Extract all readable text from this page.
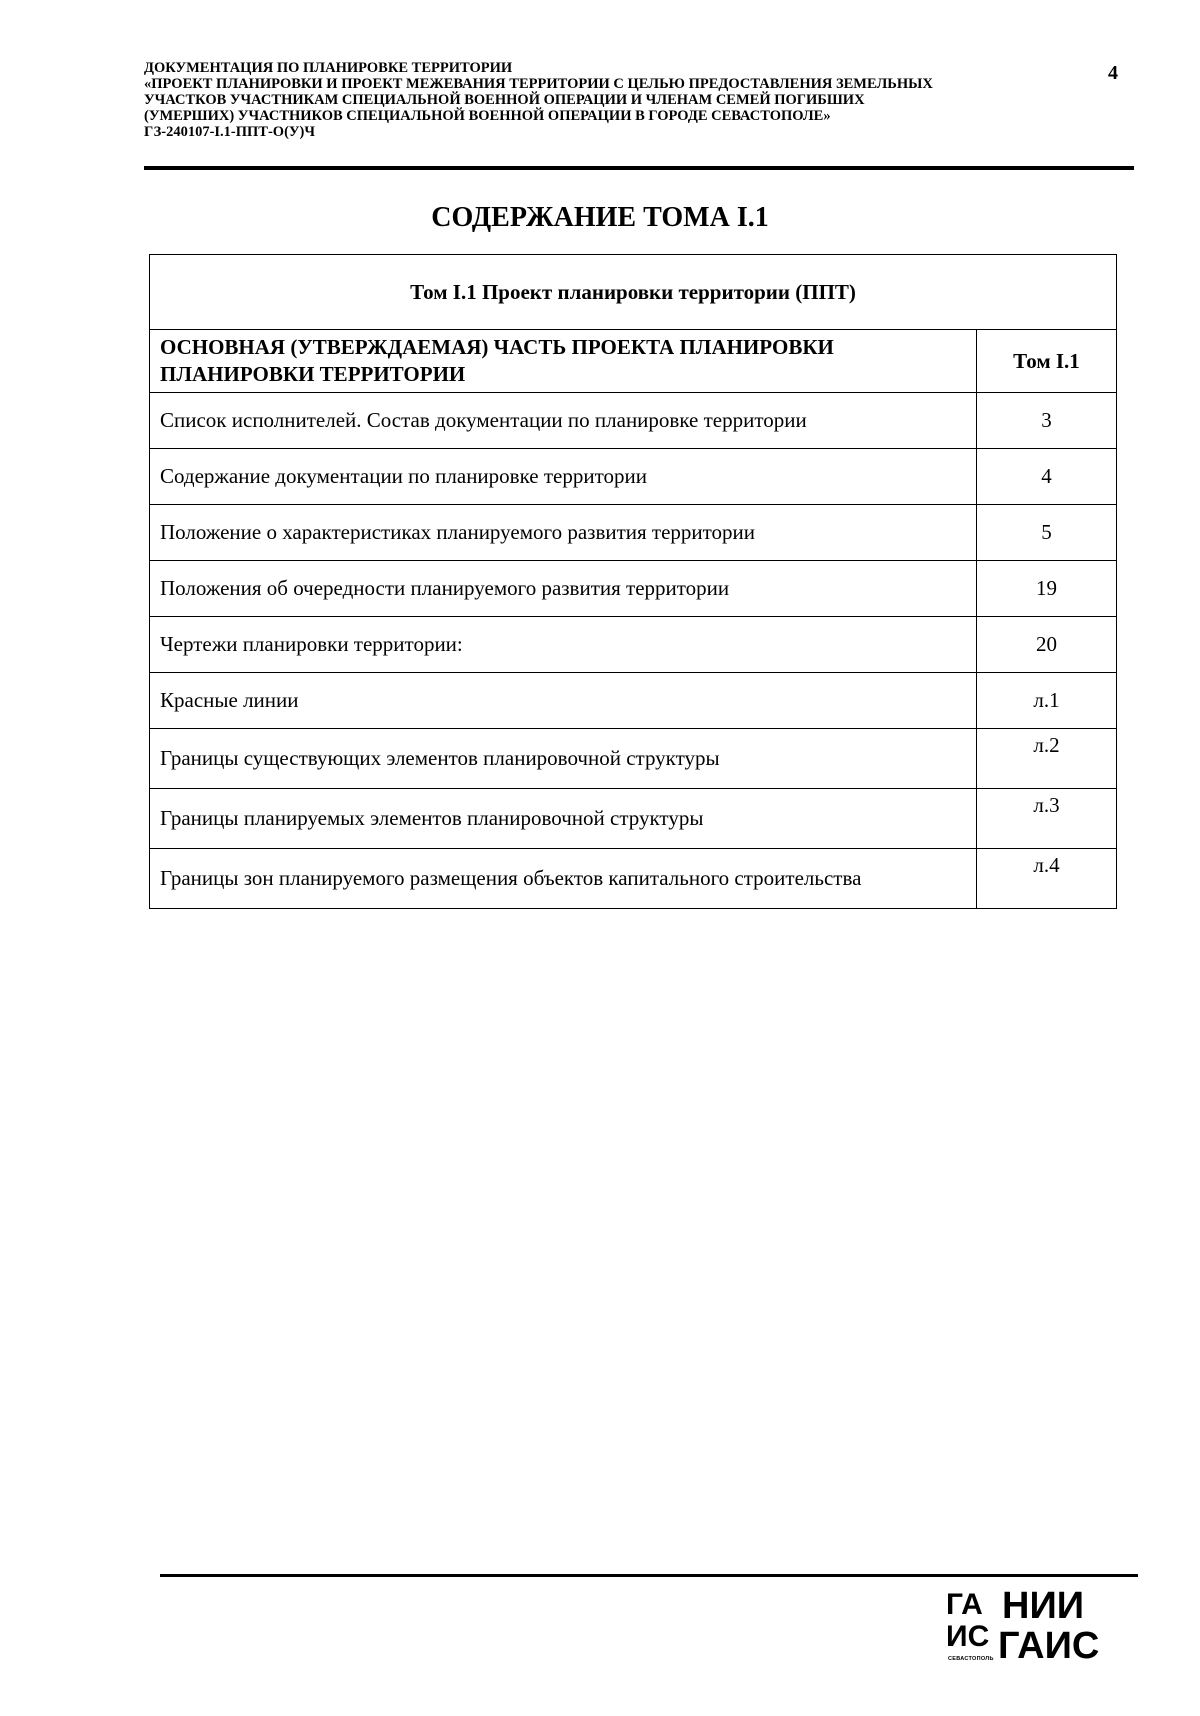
ДОКУМЕНТАЦИЯ ПО ПЛАНИРОВКЕ ТЕРРИТОРИИ
«ПРОЕКТ ПЛАНИРОВКИ И ПРОЕКТ МЕЖЕВАНИЯ ТЕРРИТОРИИ С ЦЕЛЬЮ ПРЕДОСТАВЛЕНИЯ ЗЕМЕЛЬНЫХ
УЧАСТКОВ УЧАСТНИКАМ СПЕЦИАЛЬНОЙ ВОЕННОЙ ОПЕРАЦИИ И ЧЛЕНАМ СЕМЕЙ ПОГИБШИХ
(УМЕРШИХ) УЧАСТНИКОВ СПЕЦИАЛЬНОЙ ВОЕННОЙ ОПЕРАЦИИ В ГОРОДЕ СЕВАСТОПОЛЕ»
ГЗ-240107-I.1-ППТ-О(У)Ч
4
СОДЕРЖАНИЕ ТОМА I.1
Том I.1 Проект планировки территории (ППТ)	
ОСНОВНАЯ (УТВЕРЖДАЕМАЯ) ЧАСТЬ ПРОЕКТА ПЛАНИРОВКИ ПЛАНИРОВКИ ТЕРРИТОРИИ	Том I.1
Список исполнителей. Состав документации по планировке территории	3
Содержание документации по планировке территории	4
Положение о характеристиках планируемого развития территории	5
Положения об очередности планируемого развития территории	19
Чертежи планировки территории:	20
Красные линии	л.1
Границы существующих элементов планировочной структуры	л.2
Границы планируемых элементов планировочной структуры	л.3
Границы зон планируемого размещения объектов капитального строительства	л.4
ГА
ИС
СЕВАСТОПОЛЬ
НИИ
ГАИС
